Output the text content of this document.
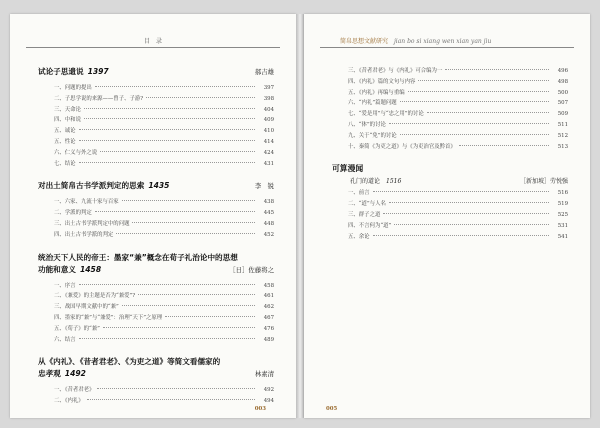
目　录
试论子思遗说 1397	郝吉雄
一、问题的提出	397
二、子思学说的来源——曾子、子游?	398
三、天命论	404
四、中和说	409
五、诚论	410
五、性论	414
六、仁义与外之说	424
七、结论	431
对出土简帛古书学派判定的思索 1435	李　锐
一、六家、九流十家与百家	438
二、学派的判定	445
三、出土古书学派判定中的问题	448
四、出土古书学派的判定	452
统治天下人民的帝王：墨家“兼”概念在荀子礼治论中的思想
功能和意义 1458	［日］佐藤将之
一、序言	458
二、《兼爱》的主题是否为“兼爱”?	461
三、战国早期文献中的“兼”	462
四、墨家的“兼”与“兼爱”：治理“天下”之原理	467
五、《荀子》的“兼”	476
六、结言	489
从《内礼》、《昔者君老》、《为吏之道》等简文看儒家的
忠孝观 1492	林素清
一、《昔者君老》	492
二、《内礼》	494
003
简帛思想文献研究 jian bo si xiang wen xian yan jiu
三、《昔者君老》与《内礼》可合编为一	496
四、《内礼》篇的文句与内容	498
五、《内礼》再编与重编	500
六、“内礼”篇题问题	507
七、“爱是用”与“忠之用”的讨论	509
八、“体”的讨论	511
九、关于“免”的讨论	512
十、秦简《为吏之道》与《为吏治官及黔首》	513
可算漫闻
孔门的道论 1516	［新加坡］劳悦强
一、前言	516
二、“道”与人名	519
三、群子之道	525
四、不言何为“道”	531
五、余论	541
005
